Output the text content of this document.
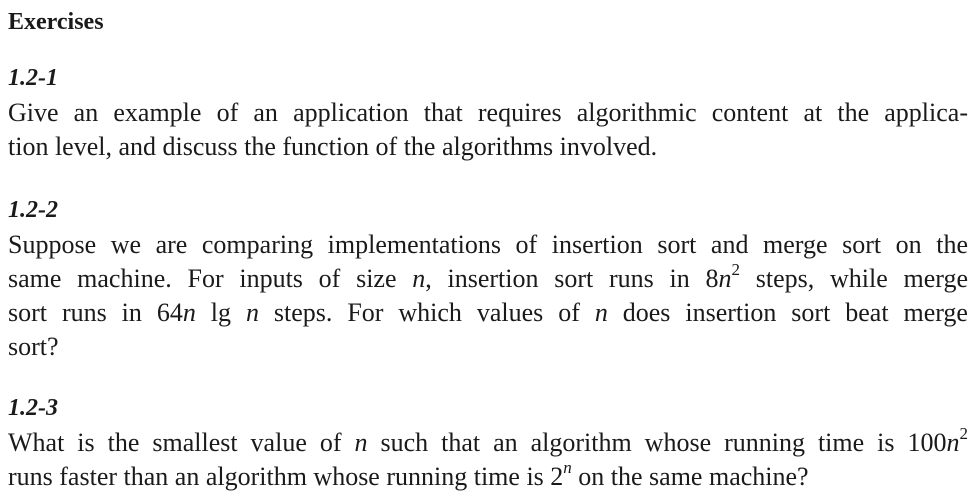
Exercises
1.2-1
Give an example of an application that requires algorithmic content at the applica-
tion level, and discuss the function of the algorithms involved.
1.2-2
Suppose we are comparing implementations of insertion sort and merge sort on the
same machine. For inputs of size n, insertion sort runs in $8n^2$ steps, while merge
sort runs in 64n lg n steps. For which values of n does insertion sort beat merge
sort?
1.2-3
What is the smallest value of n such that an algorithm whose running time is $100n^2$
runs faster than an algorithm whose running time is 2$^n$ on the same machine?
